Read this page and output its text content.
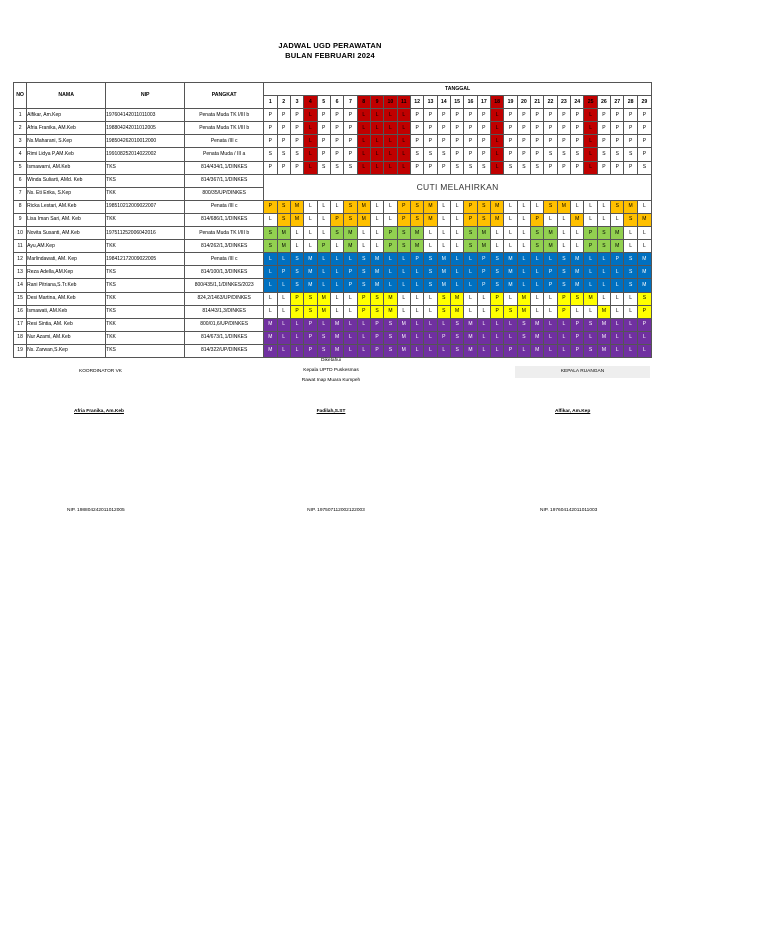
JADWAL UGD PERAWATAN
BULAN FEBRUARI 2024
NO	NAMA	NIP	PANGKAT	TANGGAL																												
				1	2	3	4	5	6	7	8	9	10	11	12	13	14	15	16	17	18	19	20	21	22	23	24	25	26	27	28	29
1	Alfikar, Am.Kep	197604142011011003	Penata Muda TK I/III b	P	P	P	L	P	P	P	L	L	L	L	P	P	P	P	P	P	L	P	P	P	P	P	P	L	P	P	P	P
2	Afria Franika, AM.Keb	198804242011012005	Penata Muda TK I/III b	P	P	P	L	P	P	P	L	L	L	L	P	P	P	P	P	P	L	P	P	P	P	P	P	L	P	P	P	P
3	Ns.Maharani, S.Kep	198504262010012000	Penata /III c	P	P	P	L	P	P	P	L	L	L	L	P	P	P	P	P	P	L	P	P	P	P	P	P	L	P	P	P	P
4	Rimi Lidya P,AM.Keb	199108252014022002	Penata Muda / III a	S	S	S	L	P	P	P	L	L	L	L	S	S	S	P	P	P	L	P	P	P	S	S	S	L	S	S	S	P
5	Ismawarni, AM.Keb	TKS	814/434/1,1/DINKES	P	P	P	L	S	S	S	L	L	L	L	P	P	P	S	S	S	L	S	S	S	P	P	P	L	P	P	P	S
6	Winda Suliarti, AMd. Keb	TKS	814/367/1,1/DINKES	CUTI MELAHIRKAN																												
7	Ns. Eti Erika, S.Kep	TKK	800/35/UP/DINKES																													
8	Ricka Lestari, AM.Keb	198510212009022007	Penata /III c	P	S	M	L	L	L	S	M	L	L	P	S	M	L	L	P	S	M	L	L	L	S	M	L	L	L	S	M	L
9	Lisa Iman Sari, AM. Keb	TKK	814/686/1,1/DINKES	L	S	M	L	L	P	S	M	L	L	P	S	M	L	L	P	S	M	L	L	P	L	L	M	L	L	L	S	M
10	Novita Susanti, AM.Keb	197511252006042016	Penata Muda TK I/III b	S	M	L	L	L	S	M	L	L	P	S	M	L	L	L	S	M	L	L	L	S	M	L	L	P	S	M	L	L
11	Ayu,AM.Kep	TKK	814/262/1,3/DINKES	S	M	L	L	P	L	M	L	L	P	S	M	L	L	L	S	M	L	L	L	S	M	L	L	P	S	M	L	L
12	Marlindawati, AM. Kep	198412172009022005	Penata /III c	L	L	S	M	L	L	L	S	M	L	L	P	S	M	L	L	P	S	M	L	L	L	S	M	L	L	P	S	M
13	Reza Adella,AM.Kep	TKS	814/100/1,3/DINKES	L	P	S	M	L	L	P	S	M	L	L	L	S	M	L	L	P	S	M	L	L	P	S	M	L	L	L	S	M
14	Rani Pitriana,S.Tr.Keb	TKS	800/435/1,1/DINKES/2023	L	L	S	M	L	L	P	S	M	L	L	L	S	M	L	L	P	S	M	L	L	P	S	M	L	L	L	S	M
15	Desi Martina, AM.Keb	TKK	824,2/1463/UP/DINKES	L	L	P	S	M	L	L	P	S	M	L	L	L	S	M	L	L	P	L	M	L	L	P	S	M	L	L	L	S
16	Ismawati, AM.Keb	TKS	814/43/1,3/DINKES	L	L	P	S	M	L	L	P	S	M	L	L	L	S	M	L	L	P	S	M	L	L	P	L	L	M	L	L	P
17	Resi Sintia, AM. Keb	TKK	800/01,6/UP/DINKES	M	L	L	P	L	M	L	L	P	S	M	L	L	L	S	M	L	L	L	S	M	L	L	P	S	M	L	L	P
18	Nur Azami, AM.Keb	TKK	814/673/1,1/DINKES	M	L	L	P	S	M	L	L	P	S	M	L	L	P	S	M	L	L	L	S	M	L	L	P	L	M	L	L	L
19	Ns. Zarwan,S.Kep	TKS	814/322/UP/DINKES	M	L	L	P	S	M	L	L	P	S	M	L	L	L	S	M	L	L	P	L	M	L	L	P	S	M	L	L	L
KOORDINATOR VK
Diketahui
Kepala UPTD Puskesmas
Rawat Inap Muara Kumpeh
KEPALA RUANGAN
Afria Franika, Am.Keb	Fadilah,S.ST	Alfikar, Am.Kep
NIP. 198804242011012005	NIP. 197507112002122003	NIP. 197604142011011003
